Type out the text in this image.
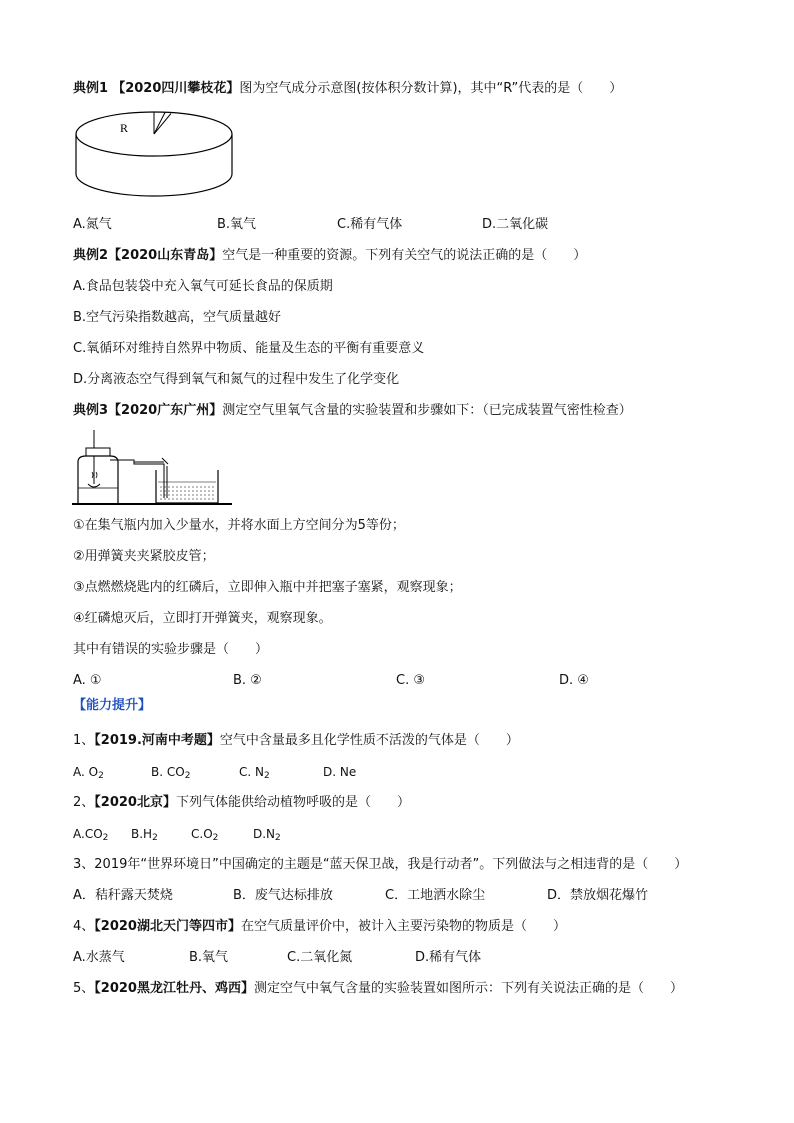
典例1 【2020四川攀枝花】图为空气成分示意图(按体积分数计算)，其中“R”代表的是（　　）
R
A.氮气	B.氧气	C.稀有气体	D.二氧化碳
典例2【2020山东青岛】空气是一种重要的资源。下列有关空气的说法正确的是（　　）
A.食品包装袋中充入氧气可延长食品的保质期
B.空气污染指数越高，空气质量越好
C.氧循环对维持自然界中物质、能量及生态的平衡有重要意义
D.分离液态空气得到氧气和氮气的过程中发生了化学变化
典例3【2020广东广州】测定空气里氧气含量的实验装置和步骤如下：（已完成装置气密性检查）
①在集气瓶内加入少量水，并将水面上方空间分为5等份；
②用弹簧夹夹紧胶皮管；
③点燃燃烧匙内的红磷后，立即伸入瓶中并把塞子塞紧，观察现象；
④红磷熄灭后，立即打开弹簧夹，观察现象。
其中有错误的实验步骤是（　　）
A. ①	B. ②	C. ③	D. ④
【能力提升】
1、【2019.河南中考题】空气中含量最多且化学性质不活泼的气体是（　　）
A. $O_2$	B. $CO_2$	C. $N_2$	D. Ne
2、【2020北京】下列气体能供给动植物呼吸的是（　　）
$A.CO_2$ $B.H_2$	$C.O_2$	$D.N_2$
3、2019年“世界环境日”中国确定的主题是“蓝天保卫战，我是行动者”。下列做法与之相违背的是（　　）
A．秸秆露天焚烧	B．废气达标排放	C．工地洒水除尘	D．禁放烟花爆竹
4、【2020湖北天门等四市】在空气质量评价中，被计入主要污染物的物质是（　　）
A.水蒸气	B.氧气	C.二氧化氮	D.稀有气体
5、【2020黑龙江牡丹、鸡西】测定空气中氧气含量的实验装置如图所示：下列有关说法正确的是（　　）
